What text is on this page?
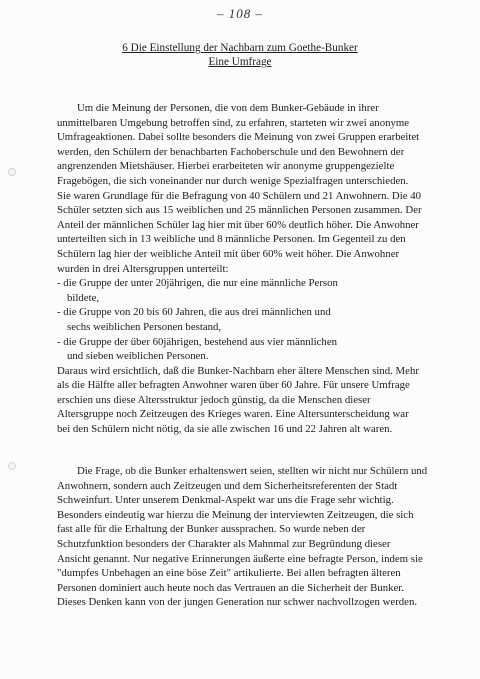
– 108 –
6 Die Einstellung der Nachbarn zum Goethe-Bunker
Eine Umfrage
Um die Meinung der Personen, die von dem Bunker-Gebäude in ihrer
unmittelbaren Umgebung betroffen sind, zu erfahren, starteten wir zwei anonyme
Umfrageaktionen. Dabei sollte besonders die Meinung von zwei Gruppen erarbeitet
werden, den Schülern der benachbarten Fachoberschule und den Bewohnern der
angrenzenden Mietshäuser. Hierbei erarbeiteten wir anonyme gruppengezielte
Fragebögen, die sich voneinander nur durch wenige Spezialfragen unterschieden.
Sie waren Grundlage für die Befragung von 40 Schülern und 21 Anwohnern. Die 40
Schüler setzten sich aus 15 weiblichen und 25 männlichen Personen zusammen. Der
Anteil der männlichen Schüler lag hier mit über 60% deutlich höher. Die Anwohner
unterteilten sich in 13 weibliche und 8 männliche Personen. Im Gegenteil zu den
Schülern lag hier der weibliche Anteil mit über 60% weit höher. Die Anwohner
wurden in drei Altersgruppen unterteilt:
- die Gruppe der unter 20jährigen, die nur eine männliche Person
bildete,
- die Gruppe von 20 bis 60 Jahren, die aus drei männlichen und
sechs weiblichen Personen bestand,
- die Gruppe der über 60jährigen, bestehend aus vier männlichen
und sieben weiblichen Personen.
Daraus wird ersichtlich, daß die Bunker-Nachbarn eher ältere Menschen sind. Mehr
als die Hälfte aller befragten Anwohner waren über 60 Jahre. Für unsere Umfrage
erschien uns diese Altersstruktur jedoch günstig, da die Menschen dieser
Altersgruppe noch Zeitzeugen des Krieges waren. Eine Altersunterscheidung war
bei den Schülern nicht nötig, da sie alle zwischen 16 und 22 Jahren alt waren.
Die Frage, ob die Bunker erhaltenswert seien, stellten wir nicht nur Schülern und
Anwohnern, sondern auch Zeitzeugen und dem Sicherheitsreferenten der Stadt
Schweinfurt. Unter unserem Denkmal-Aspekt war uns die Frage sehr wichtig.
Besonders eindeutig war hierzu die Meinung der interviewten Zeitzeugen, die sich
fast alle für die Erhaltung der Bunker aussprachen. So wurde neben der
Schutzfunktion besonders der Charakter als Mahnmal zur Begründung dieser
Ansicht genannt. Nur negative Erinnerungen äußerte eine befragte Person, indem sie
"dumpfes Unbehagen an eine böse Zeit" artikulierte. Bei allen befragten älteren
Personen dominiert auch heute noch das Vertrauen an die Sicherheit der Bunker.
Dieses Denken kann von der jungen Generation nur schwer nachvollzogen werden.
